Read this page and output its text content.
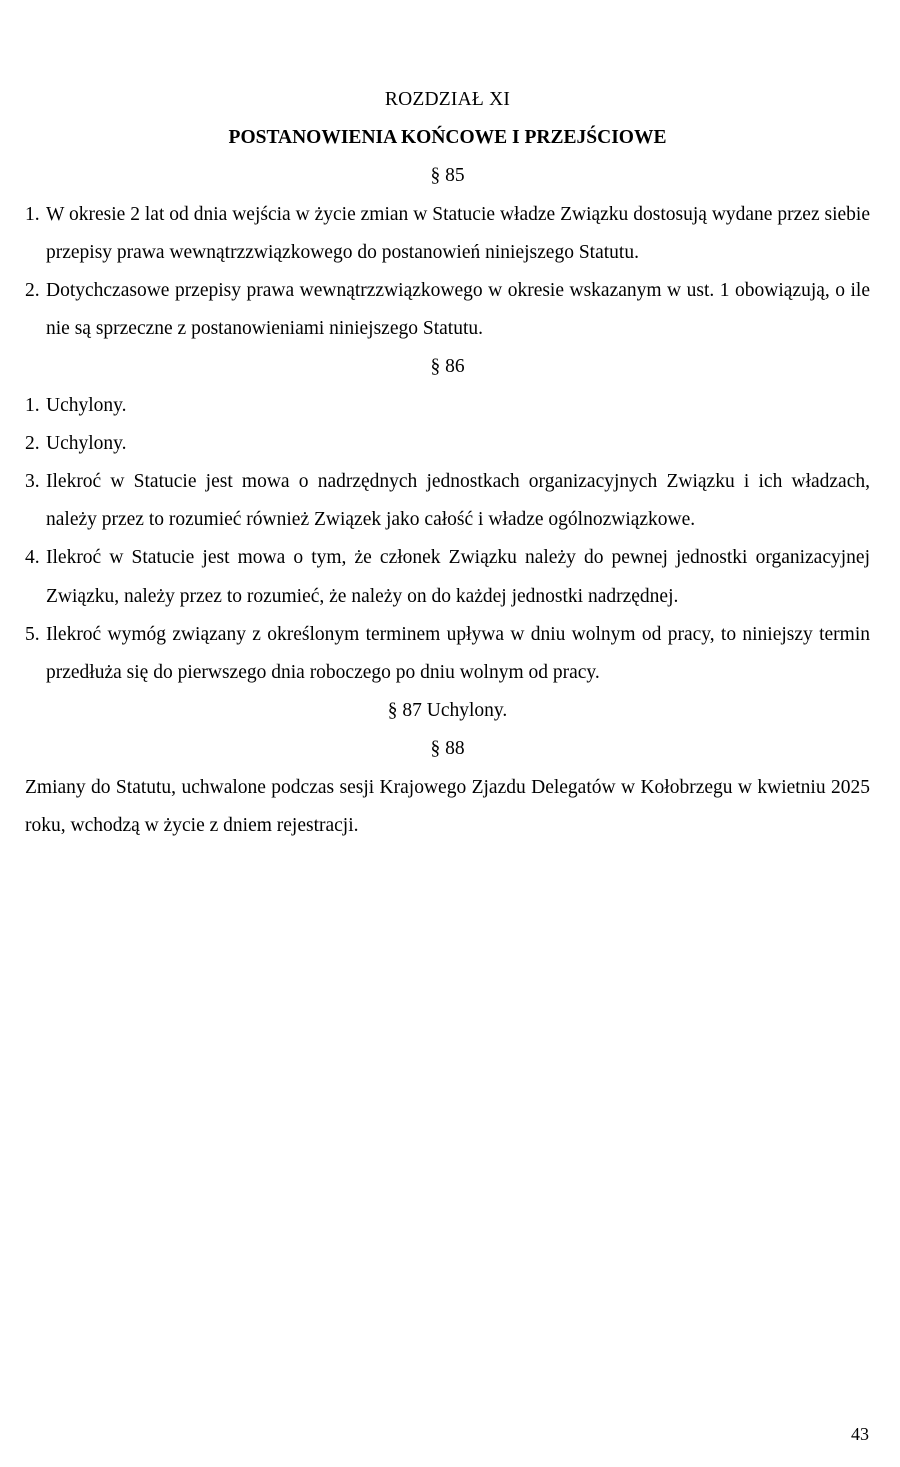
ROZDZIAŁ XI
POSTANOWIENIA KOŃCOWE I PRZEJŚCIOWE
§ 85
1. W okresie 2 lat od dnia wejścia w życie zmian w Statucie władze Związku dostosują wydane przez siebie przepisy prawa wewnątrzzwiązkowego do postanowień niniejszego Statutu.
2. Dotychczasowe przepisy prawa wewnątrzzwiązkowego w okresie wskazanym w ust. 1 obowiązują, o ile nie są sprzeczne z postanowieniami niniejszego Statutu.
§ 86
1. Uchylony.
2. Uchylony.
3. Ilekroć w Statucie jest mowa o nadrzędnych jednostkach organizacyjnych Związku i ich władzach, należy przez to rozumieć również Związek jako całość i władze ogólnozwiązkowe.
4. Ilekroć w Statucie jest mowa o tym, że członek Związku należy do pewnej jednostki organizacyjnej Związku, należy przez to rozumieć, że należy on do każdej jednostki nadrzędnej.
5. Ilekroć wymóg związany z określonym terminem upływa w dniu wolnym od pracy, to niniejszy termin przedłuża się do pierwszego dnia roboczego po dniu wolnym od pracy.
§ 87 Uchylony.
§ 88
Zmiany do Statutu, uchwalone podczas sesji Krajowego Zjazdu Delegatów w Kołobrzegu w kwietniu 2025 roku, wchodzą w życie z dniem rejestracji.
43
